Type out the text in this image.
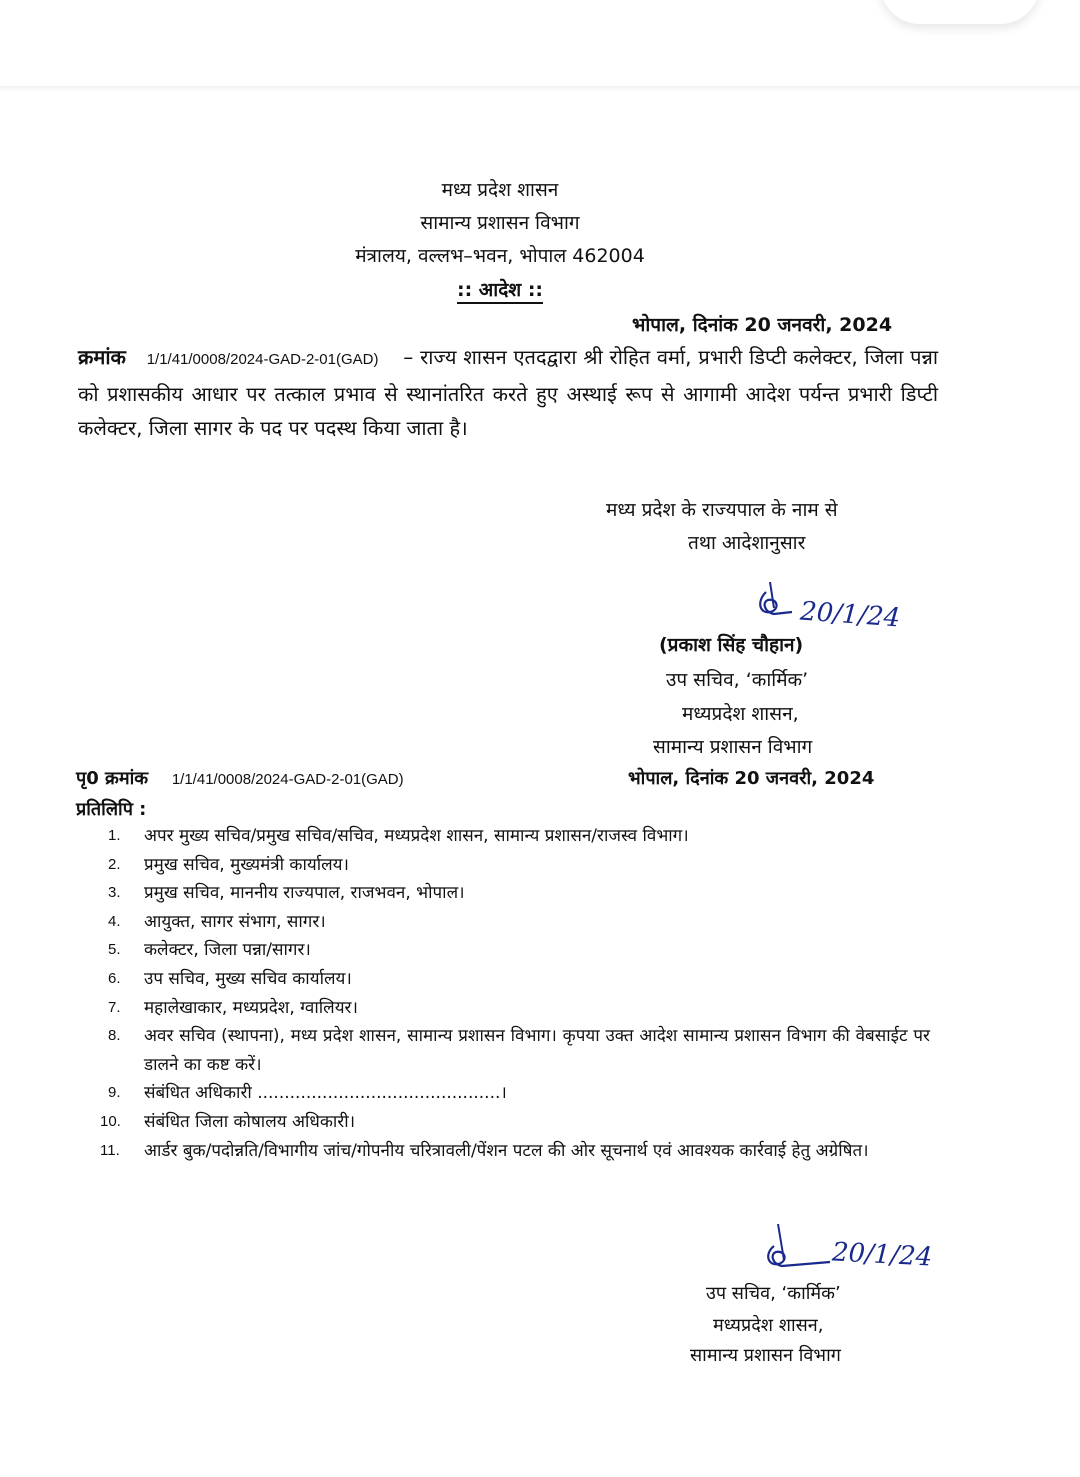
मध्य प्रदेश शासन
सामान्य प्रशासन विभाग
मंत्रालय, वल्लभ–भवन, भोपाल 462004
:: आदेश ::
भोपाल, दिनांक 20 जनवरी, 2024
क्रमांक 1/1/41/0008/2024-GAD-2-01(GAD) – राज्य शासन एतदद्वारा श्री रोहित वर्मा, प्रभारी डिप्टी कलेक्टर, जिला पन्ना को प्रशासकीय आधार पर तत्काल प्रभाव से स्थानांतरित करते हुए अस्थाई रूप से आगामी आदेश पर्यन्त प्रभारी डिप्टी कलेक्टर, जिला सागर के पद पर पदस्थ किया जाता है।
मध्य प्रदेश के राज्यपाल के नाम से
तथा आदेशानुसार
20/1/24
(प्रकाश सिंह चौहान)
उप सचिव, ‘कार्मिक’
मध्यप्रदेश शासन,
सामान्य प्रशासन विभाग
पृ0 क्रमांक 1/1/41/0008/2024-GAD-2-01(GAD)	भोपाल, दिनांक 20 जनवरी, 2024
प्रतिलिपि :
1.	अपर मुख्य सचिव/प्रमुख सचिव/सचिव, मध्यप्रदेश शासन, सामान्य प्रशासन/राजस्व विभाग।
2.	प्रमुख सचिव, मुख्यमंत्री कार्यालय।
3.	प्रमुख सचिव, माननीय राज्यपाल, राजभवन, भोपाल।
4.	आयुक्त, सागर संभाग, सागर।
5.	कलेक्टर, जिला पन्ना/सागर।
6.	उप सचिव, मुख्य सचिव कार्यालय।
7.	महालेखाकार, मध्यप्रदेश, ग्वालियर।
8.	अवर सचिव (स्थापना), मध्य प्रदेश शासन, सामान्य प्रशासन विभाग। कृपया उक्त आदेश सामान्य प्रशासन विभाग की वेबसाईट पर डालने का कष्ट करें।
9.	संबंधित अधिकारी .............................................।
10.	संबंधित जिला कोषालय अधिकारी।
11.	आर्डर बुक/पदोन्नति/विभागीय जांच/गोपनीय चरित्रावली/पेंशन पटल की ओर सूचनार्थ एवं आवश्यक कार्रवाई हेतु अग्रेषित।
20/1/24
उप सचिव, ‘कार्मिक’
मध्यप्रदेश शासन,
सामान्य प्रशासन विभाग
